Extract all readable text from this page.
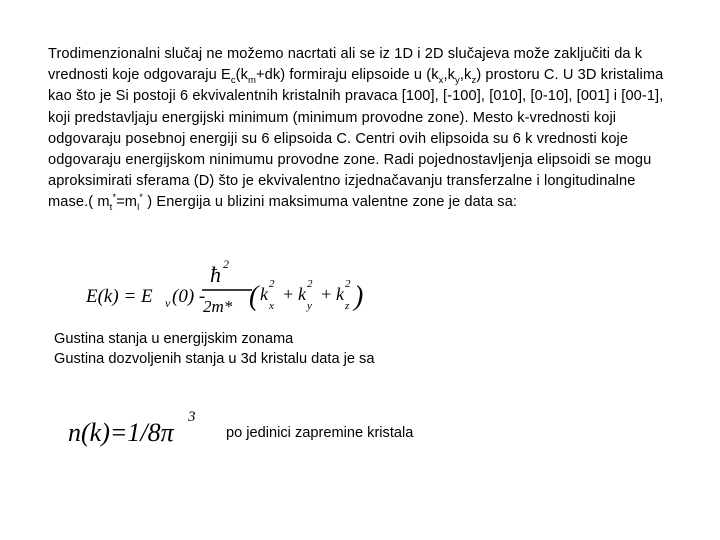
Trodimenzionalni slučaj ne možemo nacrtati ali se iz 1D i 2D slučajeva može zaključiti da k vrednosti koje odgovaraju $E_c(k_m+dk)$ formiraju elipsoide u $(k_x,k_y,k_z)$ prostoru C. U 3D kristalima kao što je Si postoji 6 ekvivalentnih kristalnih pravaca [100], [-100], [010], [0-10], [001] i [00-1], koji predstavljaju energijski minimum (minimum provodne zone). Mesto k-vrednosti koji odgovaraju posebnoj energiji su 6 elipsoida C. Centri ovih elipsoida su 6 k vrednosti koje odgovaraju energijskom ninimumu provodne zone. Radi pojednostavljenja elipsoidi se mogu aproksimirati sferama (D) što je ekvivalentno izjednačavanju transferzalne i longitudinalne mase.( $m_t^*=m_l^*$ ) Energija u blizini maksimuma valentne zone je data sa:

E(k) = E v (0) -
ħ 2
2m* ( k 2
x
+ k 2
y
+ k 2
z )

Gustina stanja u energijskim zonama

Gustina dozvoljenih stanja u 3d kristalu data je sa

n(k)=1/8π
3

po jedinici zapremine kristala
